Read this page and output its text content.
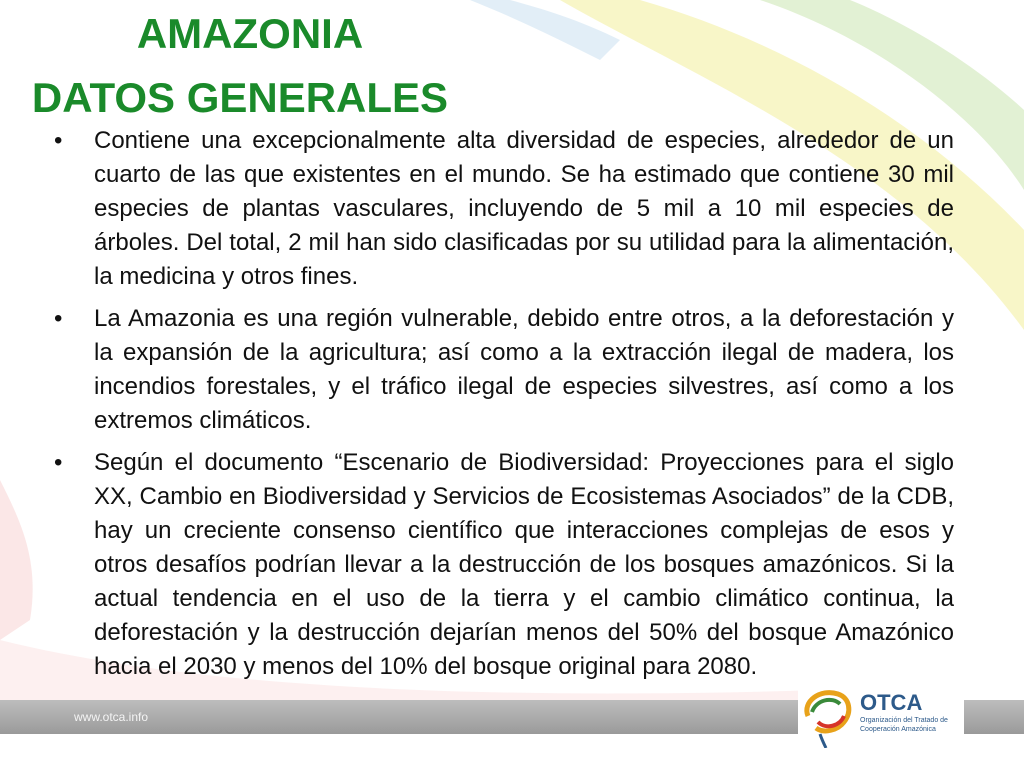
AMAZONIA
DATOS GENERALES
• Contiene una excepcionalmente alta diversidad de especies, alrededor de un cuarto de las que existentes en el mundo. Se ha estimado que contiene 30 mil especies de plantas vasculares, incluyendo de 5 mil a 10 mil especies de árboles. Del total, 2 mil han sido clasificadas por su utilidad para la alimentación, la medicina y otros fines.
• La Amazonia es una región vulnerable, debido entre otros, a la deforestación y la expansión de la agricultura; así como a la extracción ilegal de madera, los incendios forestales, y el tráfico ilegal de especies silvestres, así como a los extremos climáticos.
• Según el documento “Escenario de Biodiversidad: Proyecciones para el siglo XX, Cambio en Biodiversidad y Servicios de Ecosistemas Asociados” de la CDB, hay un creciente consenso científico que interacciones complejas de esos y otros desafíos podrían llevar a la destrucción de los bosques amazónicos. Si la actual tendencia en el uso de la tierra y el cambio climático continua, la deforestación y la destrucción dejarían menos del 50% del bosque Amazónico hacia el 2030 y menos del 10% del bosque original para 2080.
www.otca.info
OTCA
Organización del Tratado de Cooperación Amazónica
